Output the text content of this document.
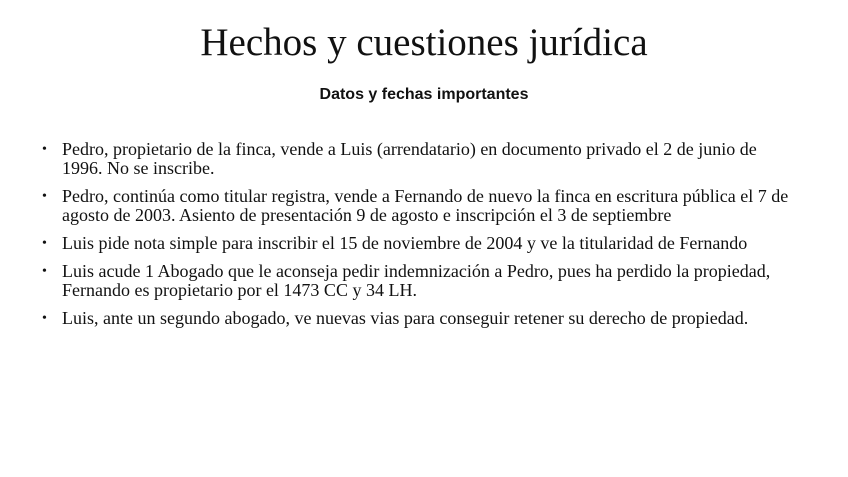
Hechos y cuestiones jurídica
Datos y fechas importantes
• Pedro, propietario de la finca, vende a Luis (arrendatario) en documento privado el 2 de junio de 1996. No se inscribe.
• Pedro, continúa como titular registra, vende a Fernando de nuevo la finca en escritura pública el 7 de agosto de 2003. Asiento de presentación 9 de agosto e inscripción el 3 de septiembre
• Luis pide nota simple para inscribir el 15 de noviembre de 2004 y ve la titularidad de Fernando
• Luis acude 1 Abogado que le aconseja pedir indemnización a Pedro, pues ha perdido la propiedad, Fernando es propietario por el 1473 CC y 34 LH.
• Luis, ante un segundo abogado, ve nuevas vias para conseguir retener su derecho de propiedad.
